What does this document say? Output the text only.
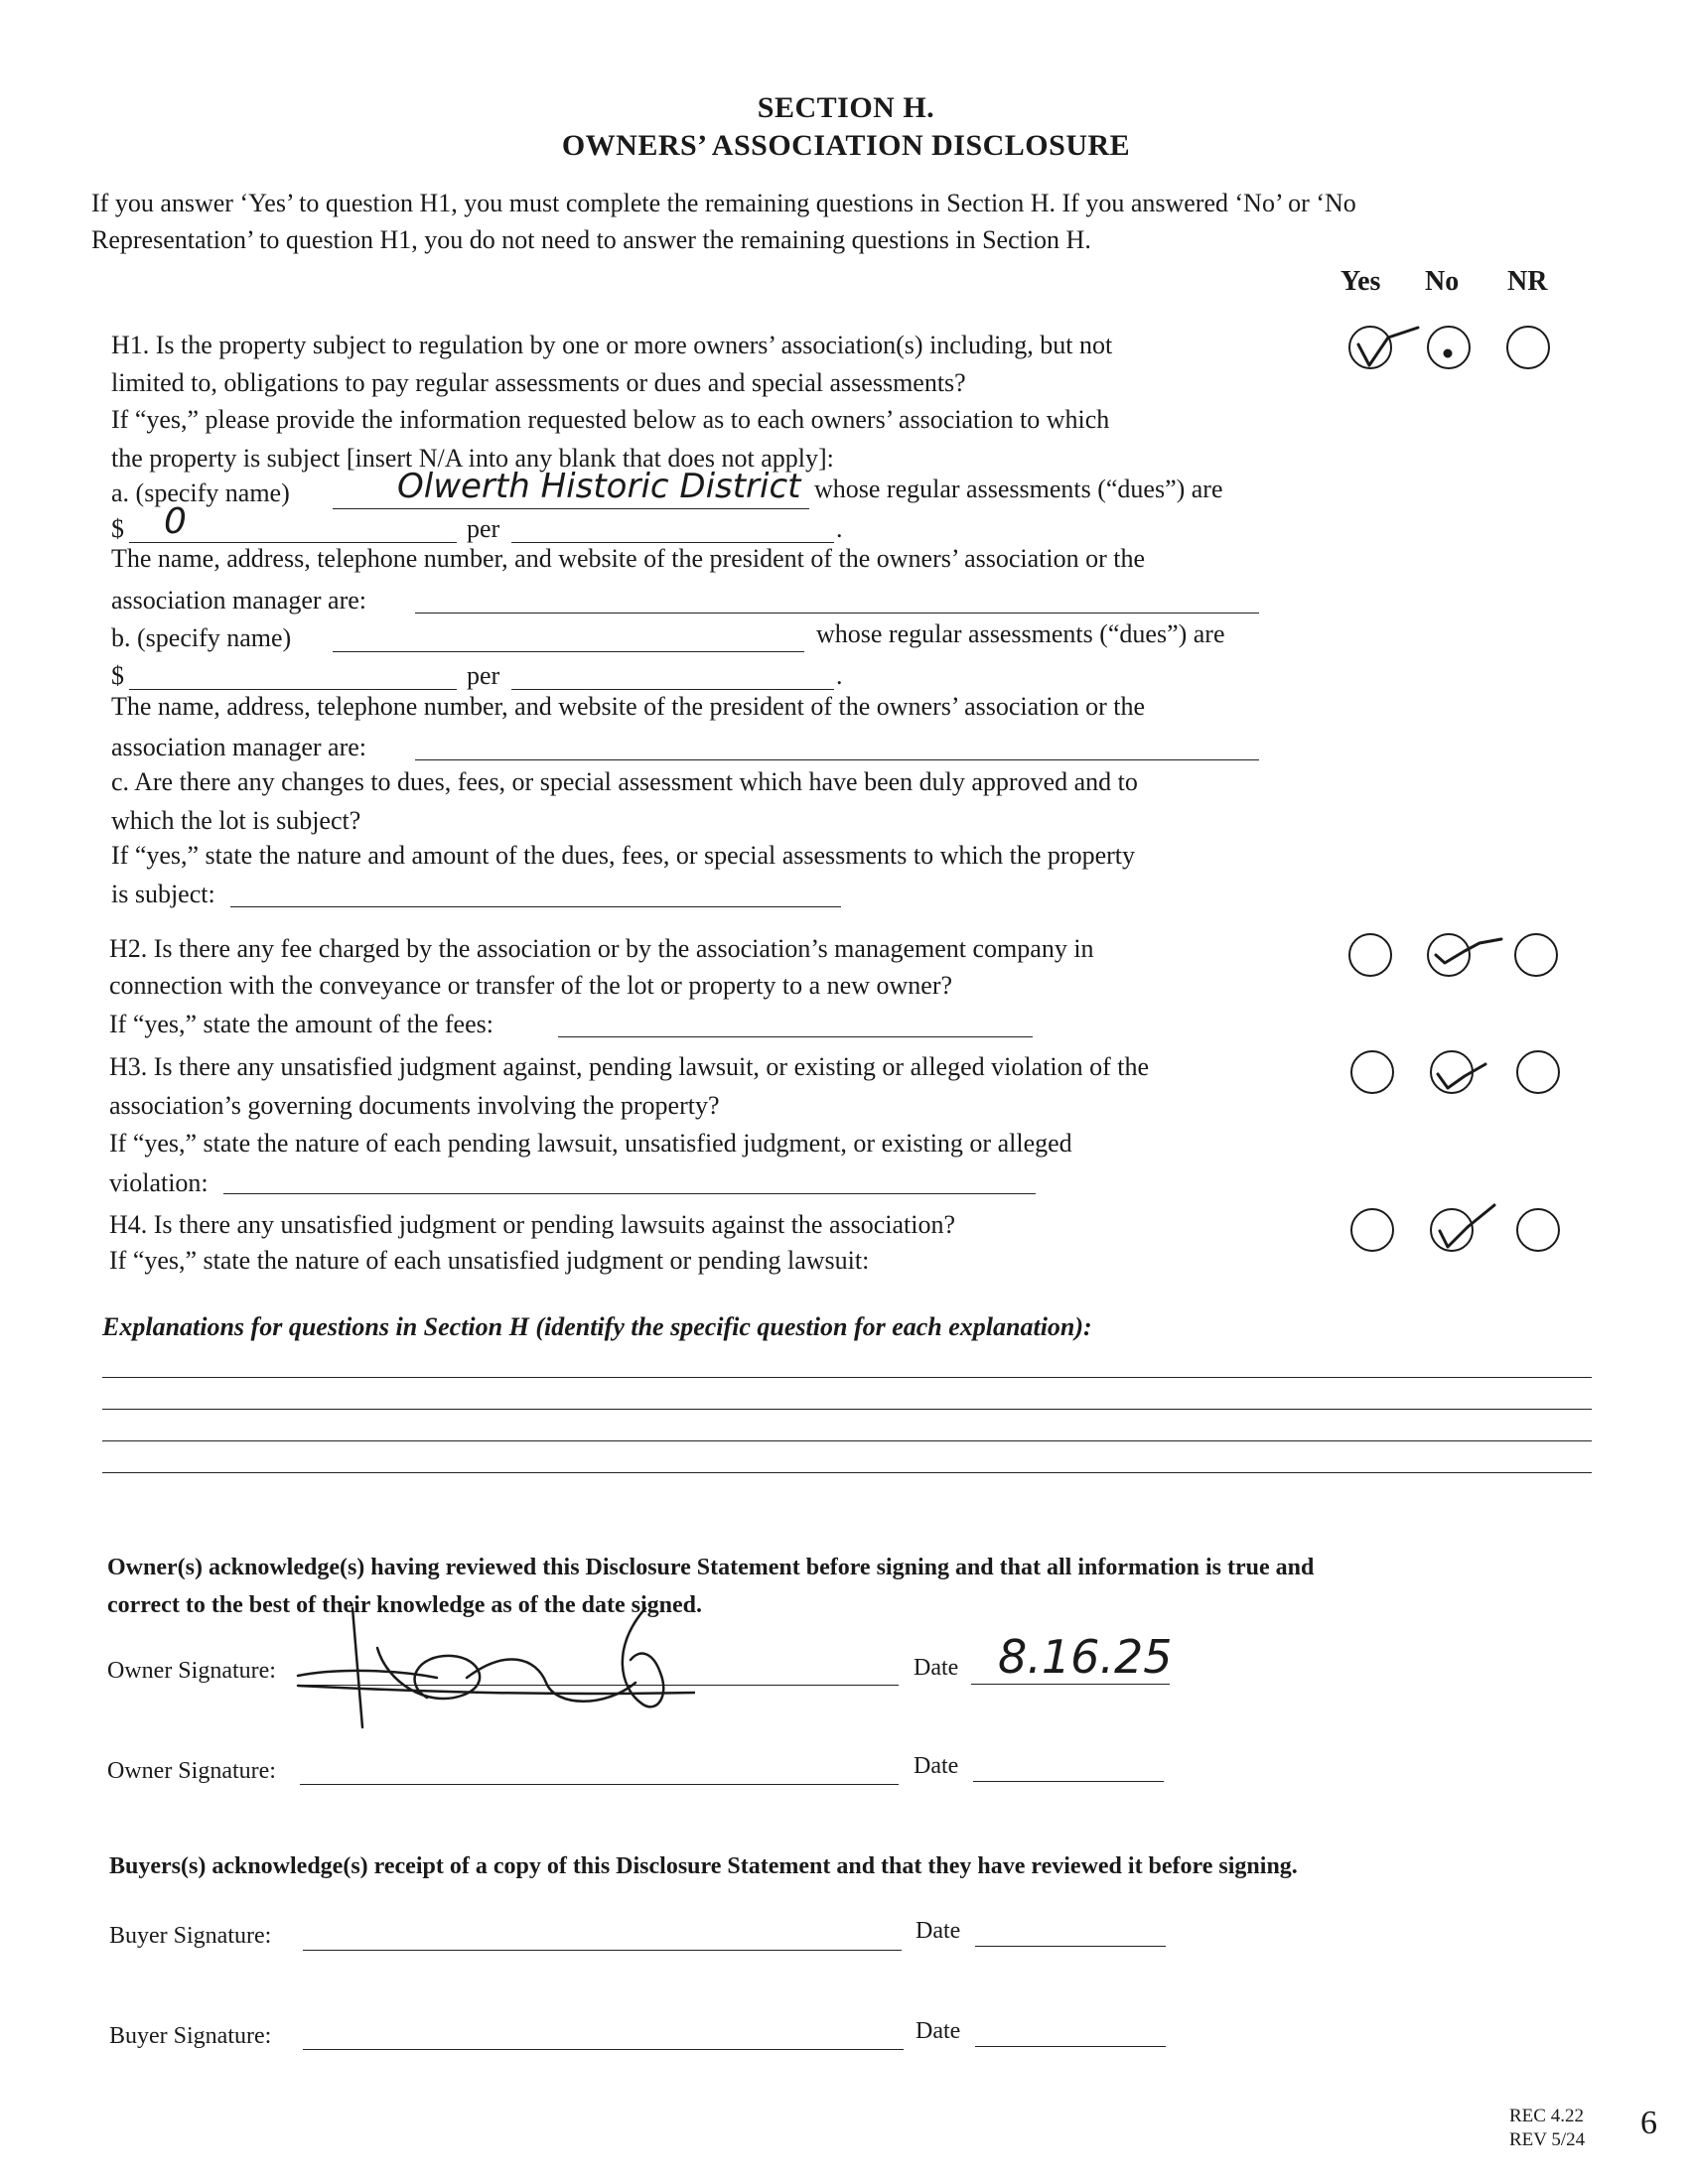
SECTION H.
OWNERS’ ASSOCIATION DISCLOSURE
If you answer ‘Yes’ to question H1, you must complete the remaining questions in Section H. If you answered ‘No’ or ‘No
Representation’ to question H1, you do not need to answer the remaining questions in Section H.
Yes No NR
H1. Is the property subject to regulation by one or more owners’ association(s) including, but not
limited to, obligations to pay regular assessments or dues and special assessments?
If “yes,” please provide the information requested below as to each owners’ association to which
the property is subject [insert N/A into any blank that does not apply]:
a. (specify name)	Olwerth Historic District whose regular assessments (“dues”) are
$ 0	per	.
The name, address, telephone number, and website of the president of the owners’ association or the
association manager are:
b. (specify name)	whose regular assessments (“dues”) are
$	per	.
The name, address, telephone number, and website of the president of the owners’ association or the
association manager are:
c. Are there any changes to dues, fees, or special assessment which have been duly approved and to
which the lot is subject?
If “yes,” state the nature and amount of the dues, fees, or special assessments to which the property
is subject:
H2. Is there any fee charged by the association or by the association’s management company in
connection with the conveyance or transfer of the lot or property to a new owner?
If “yes,” state the amount of the fees:
H3. Is there any unsatisfied judgment against, pending lawsuit, or existing or alleged violation of the
association’s governing documents involving the property?
If “yes,” state the nature of each pending lawsuit, unsatisfied judgment, or existing or alleged
violation:
H4. Is there any unsatisfied judgment or pending lawsuits against the association?
If “yes,” state the nature of each unsatisfied judgment or pending lawsuit:
Explanations for questions in Section H (identify the specific question for each explanation):
Owner(s) acknowledge(s) having reviewed this Disclosure Statement before signing and that all information is true and
correct to the best of their knowledge as of the date signed.
Owner Signature:	Date 8.16.25
Owner Signature:	Date
Buyers(s) acknowledge(s) receipt of a copy of this Disclosure Statement and that they have reviewed it before signing.
Buyer Signature:	Date
Buyer Signature:	Date
REC 4.22
REV 5/24 6
